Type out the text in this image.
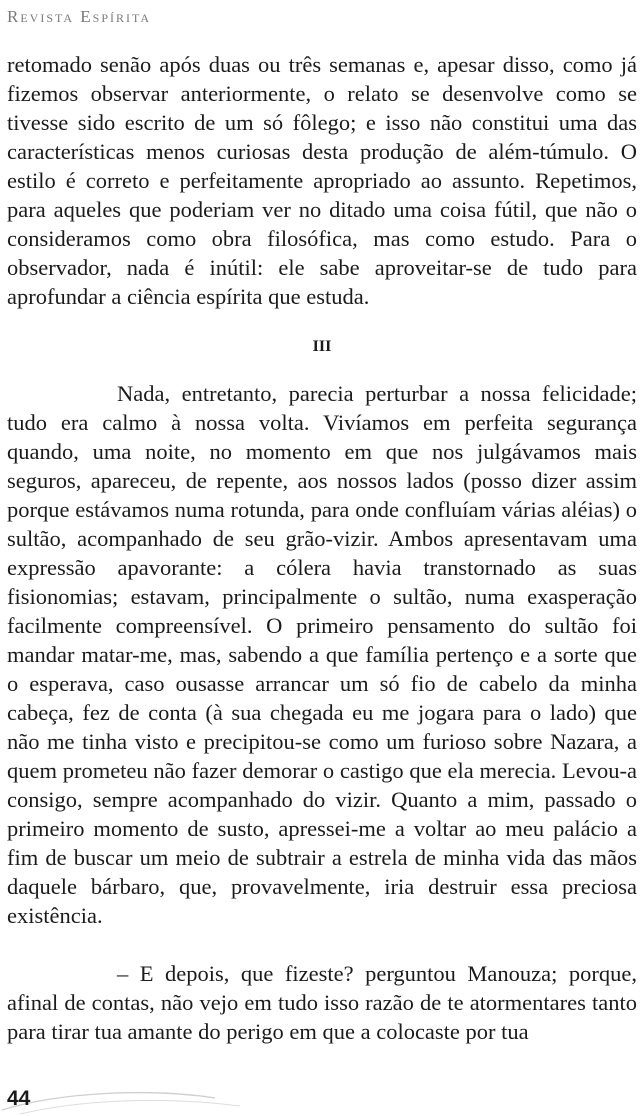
Revista Espírita

retomado senão após duas ou três semanas e, apesar disso, como já fizemos observar anteriormente, o relato se desenvolve como se tivesse sido escrito de um só fôlego; e isso não constitui uma das características menos curiosas desta produção de além-túmulo. O estilo é correto e perfeitamente apropriado ao assunto. Repetimos, para aqueles que poderiam ver no ditado uma coisa fútil, que não o consideramos como obra filosófica, mas como estudo. Para o observador, nada é inútil: ele sabe aproveitar-se de tudo para aprofundar a ciência espírita que estuda.

III

Nada, entretanto, parecia perturbar a nossa felicidade; tudo era calmo à nossa volta. Vivíamos em perfeita segurança quando, uma noite, no momento em que nos julgávamos mais seguros, apareceu, de repente, aos nossos lados (posso dizer assim porque estávamos numa rotunda, para onde confluíam várias aléias) o sultão, acompanhado de seu grão-vizir. Ambos apresentavam uma expressão apavorante: a cólera havia transtornado as suas fisionomias; estavam, principalmente o sultão, numa exasperação facilmente compreensível. O primeiro pensamento do sultão foi mandar matar-me, mas, sabendo a que família pertenço e a sorte que o esperava, caso ousasse arrancar um só fio de cabelo da minha cabeça, fez de conta (à sua chegada eu me jogara para o lado) que não me tinha visto e precipitou-se como um furioso sobre Nazara, a quem prometeu não fazer demorar o castigo que ela merecia. Levou-a consigo, sempre acompanhado do vizir. Quanto a mim, passado o primeiro momento de susto, apressei-me a voltar ao meu palácio a fim de buscar um meio de subtrair a estrela de minha vida das mãos daquele bárbaro, que, provavelmente, iria destruir essa preciosa existência.

– E depois, que fizeste? perguntou Manouza; porque, afinal de contas, não vejo em tudo isso razão de te atormentares tanto para tirar tua amante do perigo em que a colocaste por tua

44
